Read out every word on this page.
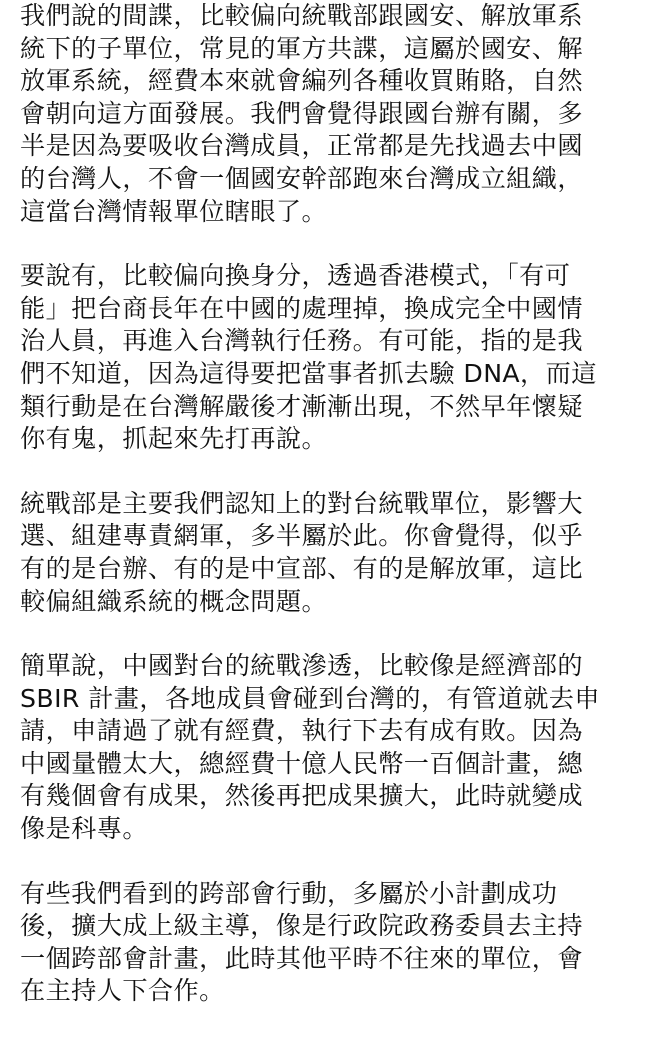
我們說的間諜，比較偏向統戰部跟國安、解放軍系
統下的子單位，常見的軍方共諜，這屬於國安、解
放軍系統，經費本來就會編列各種收買賄賂，自然
會朝向這方面發展。我們會覺得跟國台辦有關，多
半是因為要吸收台灣成員，正常都是先找過去中國
的台灣人，不會一個國安幹部跑來台灣成立組織，
這當台灣情報單位瞎眼了。

要說有，比較偏向換身分，透過香港模式，「有可
能」把台商長年在中國的處理掉，換成完全中國情
治人員，再進入台灣執行任務。有可能，指的是我
們不知道，因為這得要把當事者抓去驗 DNA，而這
類行動是在台灣解嚴後才漸漸出現，不然早年懷疑
你有鬼，抓起來先打再說。

統戰部是主要我們認知上的對台統戰單位，影響大
選、組建專責網軍，多半屬於此。你會覺得，似乎
有的是台辦、有的是中宣部、有的是解放軍，這比
較偏組織系統的概念問題。

簡單說，中國對台的統戰滲透，比較像是經濟部的
SBIR 計畫，各地成員會碰到台灣的，有管道就去申
請，申請過了就有經費，執行下去有成有敗。因為
中國量體太大，總經費十億人民幣一百個計畫，總
有幾個會有成果，然後再把成果擴大，此時就變成
像是科專。

有些我們看到的跨部會行動，多屬於小計劃成功
後，擴大成上級主導，像是行政院政務委員去主持
一個跨部會計畫，此時其他平時不往來的單位，會
在主持人下合作。
